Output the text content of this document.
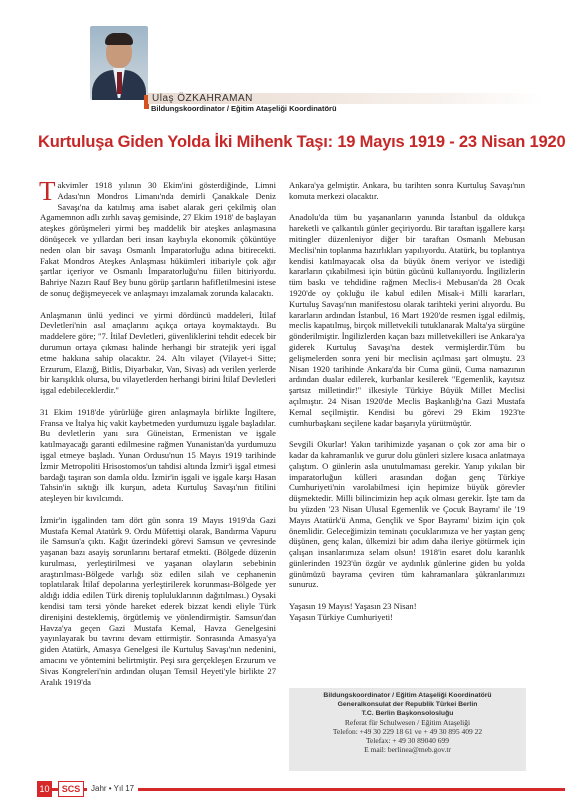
Ulaş ÖZKAHRAMAN
Bildungskoordinator / Eğitim Ataşeliği Koordinatörü
Kurtuluşa Giden Yolda İki Mihenk Taşı: 19 Mayıs 1919 - 23 Nisan 1920

Takvimler 1918 yılının 30 Ekim'ini gösterdiğinde, Limni Adası'nın Mondros Limanı'nda demirli Çanakkale Deniz Savaşı'na da katılmış ama isabet alarak geri çekilmiş olan Agamemnon adlı zırhlı savaş gemisinde, 27 Ekim 1918' de başlayan ateşkes görüşmeleri yirmi beş maddelik bir ateşkes anlaşmasına dönüşecek ve yıllardan beri insan kaybıyla ekonomik çöküntüye neden olan bir savaşı Osmanlı İmparatorluğu adına bitirecekti. Fakat Mondros Ateşkes Anlaşması hükümleri itibariyle çok ağır şartlar içeriyor ve Osmanlı İmparatorluğu'nu fiilen bitiriyordu. Bahriye Nazırı Rauf Bey bunu görüp şartların hafifletilmesini istese de sonuç değişmeyecek ve anlaşmayı imzalamak zorunda kalacaktı.

Anlaşmanın ünlü yedinci ve yirmi dördüncü maddeleri, İtilaf Devletleri'nin asıl amaçlarını açıkça ortaya koymaktaydı. Bu maddelere göre; "7. İtilaf Devletleri, güvenliklerini tehdit edecek bir durumun ortaya çıkması halinde herhangi bir stratejik yeri işgal etme hakkına sahip olacaktır. 24. Altı vilayet (Vilayet-i Sitte; Erzurum, Elazığ, Bitlis, Diyarbakır, Van, Sivas) adı verilen yerlerde bir karışıklık olursa, bu vilayetlerden herhangi birini İtilaf Devletleri işgal edebileceklerdir."

31 Ekim 1918'de yürürlüğe giren anlaşmayla birlikte İngiltere, Fransa ve İtalya hiç vakit kaybetmeden yurdumuzu işgale başladılar. Bu devletlerin yanı sıra Güneistan, Ermenistan ve işgale katılmayacağı garanti edilmesine rağmen Yunanistan'da yurdumuzu işgal etmeye başladı. Yunan Ordusu'nun 15 Mayıs 1919 tarihinde İzmir Metropoliti Hrisostomos'un tahdisi altında İzmir'i işgal etmesi bardağı taşıran son damla oldu. İzmir'in işgali ve işgale karşı Hasan Tahsin'in sıktığı ilk kurşun, adeta Kurtuluş Savaşı'nın fitilini ateşleyen bir kıvılcımdı.

İzmir'in işgalinden tam dört gün sonra 19 Mayıs 1919'da Gazi Mustafa Kemal Atatürk 9. Ordu Müfettişi olarak, Bandırma Vapuru ile Samsun'a çıktı. Kağıt üzerindeki görevi Samsun ve çevresinde yaşanan bazı asayiş sorunlarını bertaraf etmekti. (Bölgede düzenin kurulması, yerleştirilmesi ve yaşanan olayların sebebinin araştırılması-Bölgede varlığı söz edilen silah ve cephanenin toplatılarak İtilaf depolarına yerleştirilerek korunması-Bölgede yer aldığı iddia edilen Türk direniş topluluklarının dağıtılması.) Oysaki kendisi tam tersi yönde hareket ederek bizzat kendi eliyle Türk direnişini desteklemiş, örgütlemiş ve yönlendirmiştir. Samsun'dan Havza'ya geçen Gazi Mustafa Kemal, Havza Genelgesini yayınlayarak bu tavrını devam ettirmiştir. Sonrasında Amasya'ya giden Atatürk, Amasya Genelgesi ile Kurtuluş Savaşı'nın nedenini, amacını ve yöntemini belirtmiştir. Peşi sıra gerçekleşen Erzurum ve Sivas Kongreleri'nin ardından oluşan Temsil Heyeti'yle birlikte 27 Aralık 1919'da

Ankara'ya gelmiştir. Ankara, bu tarihten sonra Kurtuluş Savaşı'nın komuta merkezi olacaktır.

Anadolu'da tüm bu yaşananların yanında İstanbul da oldukça hareketli ve çalkantılı günler geçiriyordu. Bir taraftan işgallere karşı mitingler düzenleniyor diğer bir taraftan Osmanlı Mebusan Meclisi'nin toplanma hazırlıkları yapılıyordu. Atatürk, bu toplantıya kendisi katılmayacak olsa da büyük önem veriyor ve istediği kararların çıkabilmesi için bütün gücünü kullanıyordu. İngilizlerin tüm baskı ve tehdidine rağmen Meclis-i Mebusan'da 28 Ocak 1920'de oy çokluğu ile kabul edilen Misak-i Milli kararları, Kurtuluş Savaşı'nın manifestosu olarak tarihteki yerini alıyordu. Bu kararların ardından İstanbul, 16 Mart 1920'de resmen işgal edilmiş, meclis kapatılmış, birçok milletvekili tutuklanarak Malta'ya sürgüne gönderilmiştir. İngilizlerden kaçan bazı milletvekilleri ise Ankara'ya giderek Kurtuluş Savaşı'na destek vermişlerdir.Tüm bu gelişmelerden sonra yeni bir meclisin açılması şart olmuştu. 23 Nisan 1920 tarihinde Ankara'da bir Cuma günü, Cuma namazının ardından dualar edilerek, kurbanlar kesilerek "Egemenlik, kayıtsız şartsız milletindir!" ilkesiyle Türkiye Büyük Millet Meclisi açılmıştır. 24 Nisan 1920'de Meclis Başkanlığı'na Gazi Mustafa Kemal seçilmiştir. Kendisi bu görevi 29 Ekim 1923'te cumhurbaşkanı seçilene kadar başarıyla yürütmüştür.

Sevgili Okurlar! Yakın tarihimizde yaşanan o çok zor ama bir o kadar da kahramanlık ve gurur dolu günleri sizlere kısaca anlatmaya çalıştım. O günlerin asla unutulmaması gerekir. Yanıp yıkılan bir imparatorluğun külleri arasından doğan genç Türkiye Cumhuriyeti'nin varolabilmesi için hepimize büyük görevler düşmektedir. Milli bilincimizin hep açık olması gerekir. İşte tam da bu yüzden '23 Nisan Ulusal Egemenlik ve Çocuk Bayramı' ile '19 Mayıs Atatürk'ü Anma, Gençlik ve Spor Bayramı' bizim için çok önemlidir. Geleceğimizin teminatı çocuklarımıza ve her yaştan genç düşünen, genç kalan, ülkemizi bir adım daha ileriye götürmek için çalışan insanlarımıza selam olsun! 1918'in esaret dolu karanlık günlerinden 1923'ün özgür ve aydınlık günlerine giden bu yolda günümüzü bayrama çeviren tüm kahramanlara şükranlarımızı sunuruz.

Yaşasın 19 Mayıs! Yaşasın 23 Nisan!
Yaşasın Türkiye Cumhuriyeti!

Bildungskoordinator / Eğitim Ataşeliği Koordinatörü
Generalkonsulat der Republik Türkei Berlin
T.C. Berlin Başkonsolosluğu
Referat für Schulwesen / Eğitim Ataşeliği
Telefon: +49 30 229 18 61 ve + 49 30 895 409 22
Telefax: + 49 30 89040 699
E mail: berlinea@meb.gov.tr
10	SCS	Jahr • Yıl 17
